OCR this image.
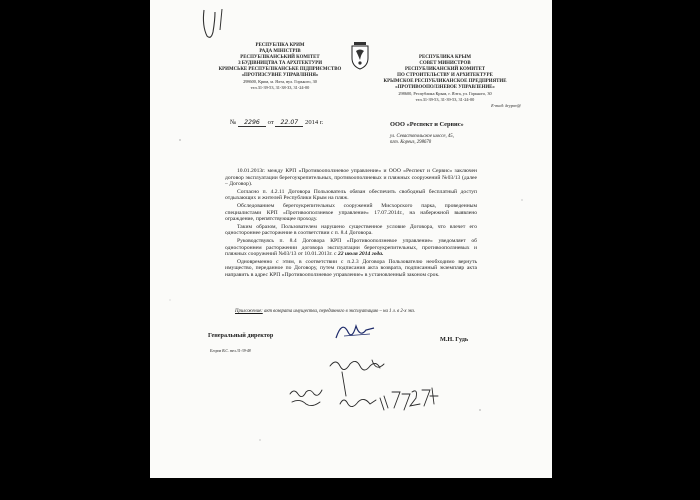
РЕСПУБЛІКА КРИМ
РАДА МІНІСТРІВ
РЕСПУБЛІКАНСЬКИЙ КОМІТЕТ
З БУДІВНИЦТВА ТА АРХІТЕКТУРИ
КРИМСЬКЕ РЕСПУБЛІКАНСЬКЕ ПІДПРИЄМСТВО
«ПРОТИЗСУВНЕ УПРАВЛІННЯ»
298600, Крим, м. Ялта, вул. Горького, 30
тел.31-39-53, 31-38-33, 31-24-00
РЕСПУБЛИКА КРЫМ
СОВЕТ МИНИСТРОВ
РЕСПУБЛИКАНСКИЙ КОМИТЕТ
ПО СТРОИТЕЛЬСТВУ И АРХИТЕКТУРЕ
КРЫМСКОЕ РЕСПУБЛИКАНСКОЕ ПРЕДПРИЯТИЕ
«ПРОТИВООПОЛЗНЕВОЕ УПРАВЛЕНИЕ»
298600, Республика Крым, г. Ялта, ул. Горького, 30
тел.31-39-53, 31-39-53, 31-24-00
E-mail: krypov@
№ 2296 от 22.07 2014 г.	ООО «Респект и Сервис»
ул. Севастопольское шоссе, 45,
пгт. Кореиз, 298670

10.01.2013г. между КРП «Противооползневое управление» и ООО «Респект и Сервис» заключен договор эксплуатации берегоукрепительных, противооползневых и пляжных сооружений №03/13 (далее – Договор).

Согласно п. 4.2.11 Договора Пользователь обязан обеспечить свободный бесплатный доступ отдыхающих и жителей Республики Крым на пляж.

Обследованием берегоукрепительных сооружений Мисхорского парка, проведенным специалистами КРП «Противооползневое управление» 17.07.2014г., на набережной выявлено ограждение, препятствующее проходу.

Таким образом, Пользователем нарушено существенное условие Договора, что влечет его одностороннее расторжение в соответствии с п. 8.4 Договора.

Руководствуясь п. 8.4 Договора КРП «Противооползневое управление» уведомляет об одностороннем расторжении договора эксплуатации берегоукрепительных, противооползневых и пляжных сооружений №03/13 от 10.01.2013г. с 22 июля 2014 года.

Одновременно с этим, в соответствии с п.2.3 Договора Пользователю необходимо вернуть имущество, переданное по Договору, путем подписания акта возврата, подписанный экземпляр акта направить в адрес КРП «Противооползневое управление» в установленный законом срок.

Приложение: акт возврата имущества, переданного в эксплуатацию – на 1 л. в 2-х экз.
Генеральный директор
М.Н. Гудь
Егоров В.С. тел.31-39-48
